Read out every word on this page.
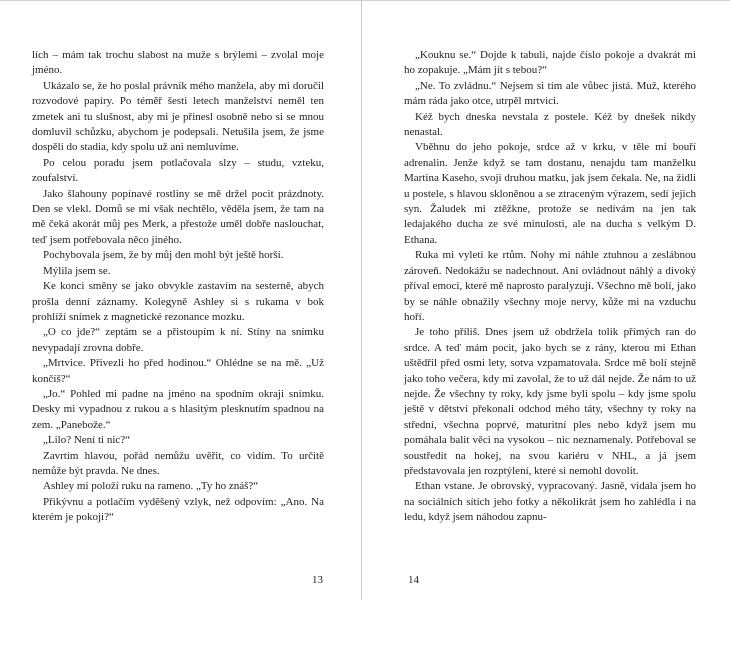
lích – mám tak trochu slabost na muže s brýlemi – zvolal moje jméno.

Ukázalo se, že ho poslal právník mého manžela, aby mi doručil rozvodové papíry. Po téměř šesti letech manželství neměl ten zmetek ani tu slušnost, aby mi je přinesl osobně nebo si se mnou domluvil schůzku, abychom je podepsali. Netušila jsem, že jsme dospěli do stadia, kdy spolu už ani nemluvíme.

Po celou poradu jsem potlačovala slzy – studu, vzteku, zoufalství.

Jako šlahouny popínavé rostliny se mě držel pocit prázdnoty. Den se vlekl. Domů se mi však nechtělo, věděla jsem, že tam na mě čeká akorát můj pes Merk, a přestože uměl dobře naslouchat, teď jsem potřebovala něco jiného.

Pochybovala jsem, že by můj den mohl být ještě horší.

Mýlila jsem se.

Ke konci směny se jako obvykle zastavím na sesterně, abych prošla denní záznamy. Kolegyně Ashley si s rukama v bok prohlíží snímek z magnetické rezonance mozku.

„O co jde?“ zeptám se a přistoupím k ní. Stíny na snímku nevypadají zrovna dobře.

„Mrtvice. Přivezli ho před hodinou.“ Ohlédne se na mě. „Už končíš?“

„Jo.“ Pohled mi padne na jméno na spodním okraji snímku. Desky mi vypadnou z rukou a s hlasitým plesknutím spadnou na zem. „Panebože.“

„Lilo? Není ti nic?“

Zavrtím hlavou, pořád nemůžu uvěřit, co vidím. To určitě nemůže být pravda. Ne dnes.

Ashley mi položí ruku na rameno. „Ty ho znáš?“

Přikývnu a potlačím vyděšený vzlyk, než odpovím: „Ano. Na kterém je pokoji?“

13

„Kouknu se.“ Dojde k tabuli, najde číslo pokoje a dvakrát mi ho zopakuje. „Mám jít s tebou?“

„Ne. To zvládnu.“ Nejsem si tím ale vůbec jistá. Muž, kterého mám ráda jako otce, utrpěl mrtvici.

Kéž bych dneska nevstala z postele. Kéž by dnešek nikdy nenastal.

Vběhnu do jeho pokoje, srdce až v krku, v těle mi bouří adrenalin. Jenže když se tam dostanu, nenajdu tam manželku Martina Kaseho, svoji druhou matku, jak jsem čekala. Ne, na židli u postele, s hlavou skloněnou a se ztraceným výrazem, sedí jejich syn. Žaludek mi ztěžkne, protože se nedívám na jen tak ledajakého ducha ze své minulosti, ale na ducha s velkým D. Ethana.

Ruka mi vyletí ke rtům. Nohy mi náhle ztuhnou a zeslábnou zároveň. Nedokážu se nadechnout. Ani ovládnout náhlý a divoký příval emocí, které mě naprosto paralyzují. Všechno mě bolí, jako by se náhle obnažily všechny moje nervy, kůže mi na vzduchu hoří.

Je toho příliš. Dnes jsem už obdržela tolik přímých ran do srdce. A teď mám pocit, jako bych se z rány, kterou mi Ethan uštědřil před osmi lety, sotva vzpamatovala. Srdce mě bolí stejně jako toho večera, kdy mi zavolal, že to už dál nejde. Že nám to už nejde. Že všechny ty roky, kdy jsme byli spolu – kdy jsme spolu ještě v dětství překonali odchod mého táty, všechny ty roky na střední, všechna poprvé, maturitní ples nebo když jsem mu pomáhala balit věci na vysokou – nic neznamenaly. Potřeboval se soustředit na hokej, na svou kariéru v NHL, a já jsem představovala jen rozptýlení, které si nemohl dovolit.

Ethan vstane. Je obrovský, vypracovaný. Jasně, vídala jsem ho na sociálních sítích jeho fotky a několikrát jsem ho zahlédla i na ledu, když jsem náhodou zapnu-

14
